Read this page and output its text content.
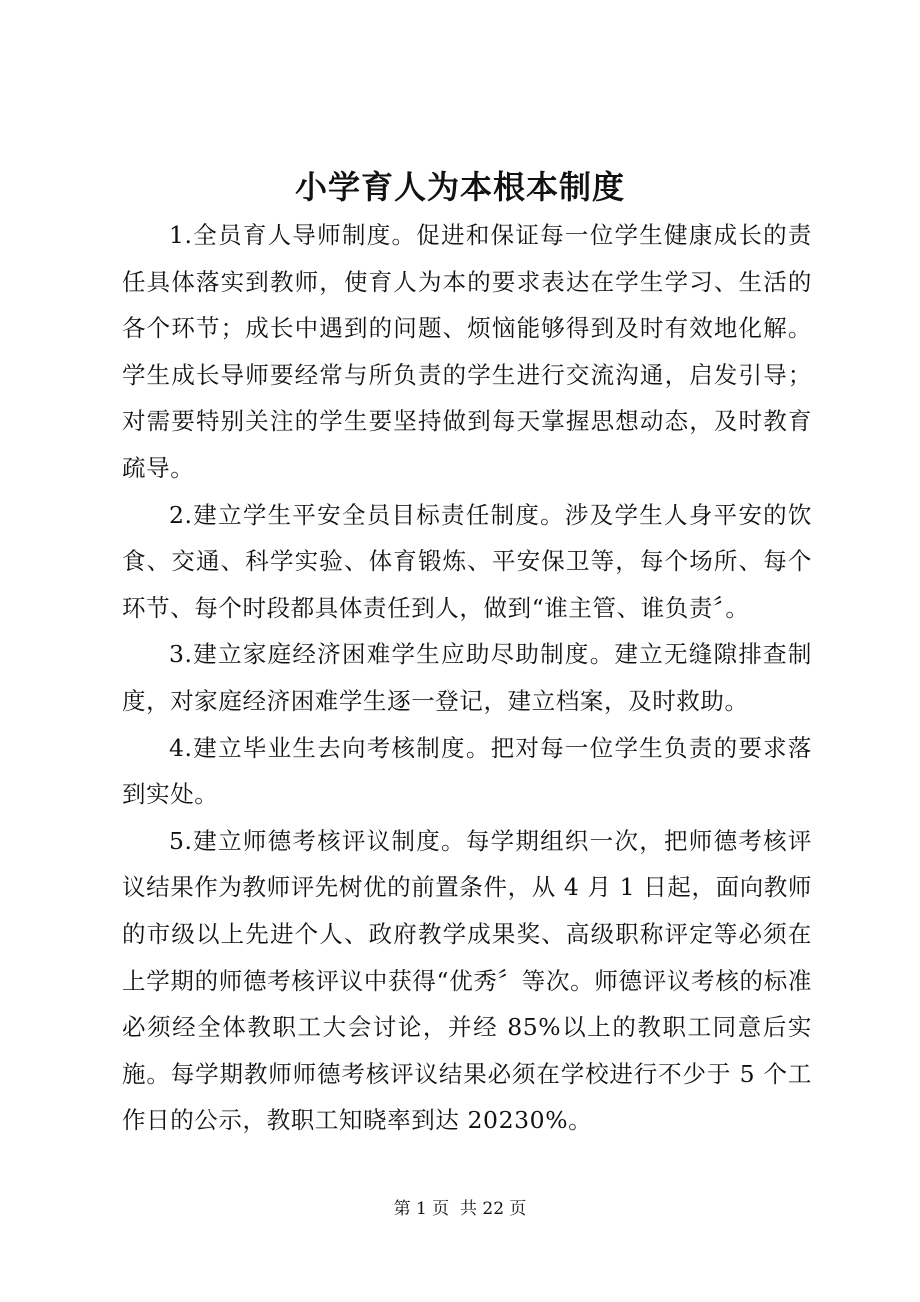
小学育人为本根本制度

1.全员育人导师制度。促进和保证每一位学生健康成长的责任具体落实到教师，使育人为本的要求表达在学生学习、生活的各个环节；成长中遇到的问题、烦恼能够得到及时有效地化解。学生成长导师要经常与所负责的学生进行交流沟通，启发引导；对需要特别关注的学生要坚持做到每天掌握思想动态，及时教育疏导。

2.建立学生平安全员目标责任制度。涉及学生人身平安的饮食、交通、科学实验、体育锻炼、平安保卫等，每个场所、每个环节、每个时段都具体责任到人，做到“谁主管、谁负责〞。

3.建立家庭经济困难学生应助尽助制度。建立无缝隙排查制度，对家庭经济困难学生逐一登记，建立档案，及时救助。

4.建立毕业生去向考核制度。把对每一位学生负责的要求落到实处。

5.建立师德考核评议制度。每学期组织一次，把师德考核评议结果作为教师评先树优的前置条件，从 4 月 1 日起，面向教师的市级以上先进个人、政府教学成果奖、高级职称评定等必须在上学期的师德考核评议中获得“优秀〞等次。师德评议考核的标准必须经全体教职工大会讨论，并经 85%以上的教职工同意后实施。每学期教师师德考核评议结果必须在学校进行不少于 5 个工作日的公示，教职工知晓率到达 20230%。

第 1 页  共 22 页
